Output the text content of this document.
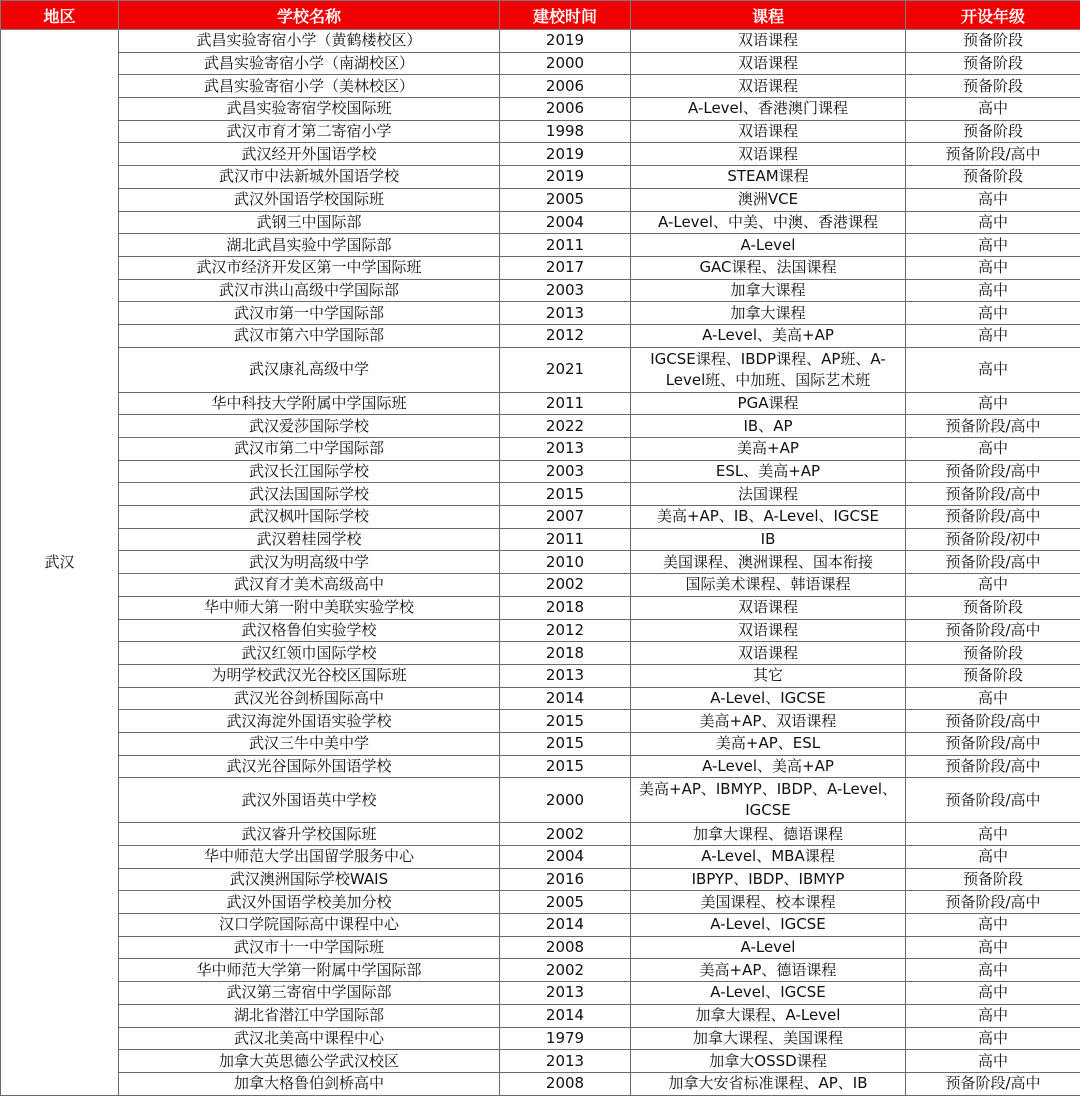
地区	学校名称	建校时间	课程	开设年级
武汉	武昌实验寄宿小学（黄鹤楼校区）	2019	双语课程	预备阶段
	武昌实验寄宿小学（南湖校区）	2000	双语课程	预备阶段
	武昌实验寄宿小学（美林校区）	2006	双语课程	预备阶段
	武昌实验寄宿学校国际班	2006	A-Level、香港澳门课程	高中
	武汉市育才第二寄宿小学	1998	双语课程	预备阶段
	武汉经开外国语学校	2019	双语课程	预备阶段/高中
	武汉市中法新城外国语学校	2019	STEAM课程	预备阶段
	武汉外国语学校国际班	2005	澳洲VCE	高中
	武钢三中国际部	2004	A-Level、中美、中澳、香港课程	高中
	湖北武昌实验中学国际部	2011	A-Level	高中
	武汉市经济开发区第一中学国际班	2017	GAC课程、法国课程	高中
	武汉市洪山高级中学国际部	2003	加拿大课程	高中
	武汉市第一中学国际部	2013	加拿大课程	高中
	武汉市第六中学国际部	2012	A-Level、美高+AP	高中
	武汉康礼高级中学	2021	IGCSE课程、IBDP课程、AP班、A-Level班、中加班、国际艺术班	高中
	华中科技大学附属中学国际班	2011	PGA课程	高中
	武汉爱莎国际学校	2022	IB、AP	预备阶段/高中
	武汉市第二中学国际部	2013	美高+AP	高中
	武汉长江国际学校	2003	ESL、美高+AP	预备阶段/高中
	武汉法国国际学校	2015	法国课程	预备阶段/高中
	武汉枫叶国际学校	2007	美高+AP、IB、A-Level、IGCSE	预备阶段/高中
	武汉碧桂园学校	2011	IB	预备阶段/初中
	武汉为明高级中学	2010	美国课程、澳洲课程、国本衔接	预备阶段/高中
	武汉育才美术高级高中	2002	国际美术课程、韩语课程	高中
	华中师大第一附中美联实验学校	2018	双语课程	预备阶段
	武汉格鲁伯实验学校	2012	双语课程	预备阶段/高中
	武汉红领巾国际学校	2018	双语课程	预备阶段
	为明学校武汉光谷校区国际班	2013	其它	预备阶段
	武汉光谷剑桥国际高中	2014	A-Level、IGCSE	高中
	武汉海淀外国语实验学校	2015	美高+AP、双语课程	预备阶段/高中
	武汉三牛中美中学	2015	美高+AP、ESL	预备阶段/高中
	武汉光谷国际外国语学校	2015	A-Level、美高+AP	预备阶段/高中
	武汉外国语英中学校	2000	美高+AP、IBMYP、IBDP、A-Level、IGCSE	预备阶段/高中
	武汉睿升学校国际班	2002	加拿大课程、德语课程	高中
	华中师范大学出国留学服务中心	2004	A-Level、MBA课程	高中
	武汉澳洲国际学校WAIS	2016	IBPYP、IBDP、IBMYP	预备阶段
	武汉外国语学校美加分校	2005	美国课程、校本课程	预备阶段/高中
	汉口学院国际高中课程中心	2014	A-Level、IGCSE	高中
	武汉市十一中学国际班	2008	A-Level	高中
	华中师范大学第一附属中学国际部	2002	美高+AP、德语课程	高中
	武汉第三寄宿中学国际部	2013	A-Level、IGCSE	高中
	湖北省潜江中学国际部	2014	加拿大课程、A-Level	高中
	武汉北美高中课程中心	1979	加拿大课程、美国课程	高中
	加拿大英思德公学武汉校区	2013	加拿大OSSD课程	高中
	加拿大格鲁伯剑桥高中	2008	加拿大安省标准课程、AP、IB	预备阶段/高中
